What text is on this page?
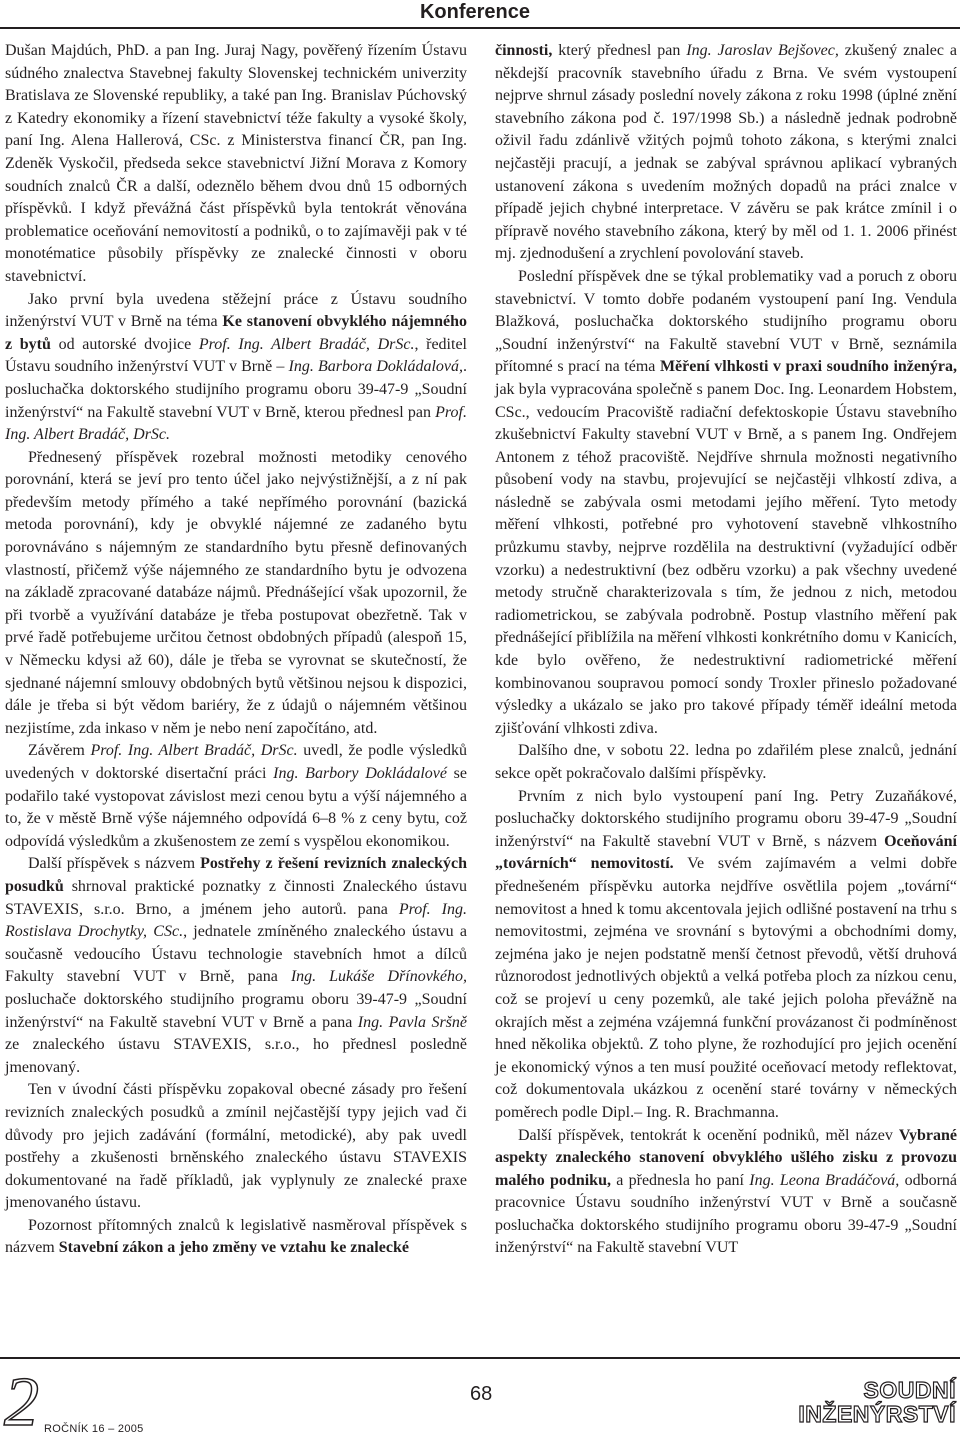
Konference

Dušan Majdúch, PhD. a pan Ing. Juraj Nagy, pověřený řízením Ústavu súdného znalectva Stavebnej fakulty Slovenskej technickém univerzity Bratislava ze Slovenské republiky, a také pan Ing. Branislav Púchovský z Katedry ekonomiky a řízení stavebnictví téže fakulty a vysoké školy, paní Ing. Alena Hallerová, CSc. z Ministerstva financí ČR, pan Ing. Zdeněk Vyskočil, předseda sekce stavebnictví Jižní Morava z Komory soudních znalců ČR a další, odeznělo během dvou dnů 15 odborných příspěvků. I když převážná část příspěvků byla tentokrát věnována problematice oceňování nemovitostí a podniků, o to zajímavěji pak v té monotématice působily příspěvky ze znalecké činnosti v oboru stavebnictví.

Jako první byla uvedena stěžejní práce z Ústavu soudního inženýrství VUT v Brně na téma Ke stanovení obvyklého nájemného z bytů od autorské dvojice Prof. Ing. Albert Bradáč, DrSc., ředitel Ústavu soudního inženýrství VUT v Brně – Ing. Barbora Dokládalová,. posluchačka doktorského studijního programu oboru 39-47-9 „Soudní inženýrství“ na Fakultě stavební VUT v Brně, kterou přednesl pan Prof. Ing. Albert Bradáč, DrSc.

Přednesený příspěvek rozebral možnosti metodiky cenového porovnání, která se jeví pro tento účel jako nejvýstižnější, a z ní pak především metody přímého a také nepřímého porovnání (bazická metoda porovnání), kdy je obvyklé nájemné ze zadaného bytu porovnáváno s nájemným ze standardního bytu přesně definovaných vlastností, přičemž výše nájemného ze standardního bytu je odvozena na základě zpracované databáze nájmů. Přednášející však upozornil, že při tvorbě a využívání databáze je třeba postupovat obezřetně. Tak v prvé řadě potřebujeme určitou četnost obdobných případů (alespoň 15, v Německu kdysi až 60), dále je třeba se vyrovnat se skutečností, že sjednané nájemní smlouvy obdobných bytů většinou nejsou k dispozici, dále je třeba si být vědom bariéry, že z údajů o nájemném většinou nezjistíme, zda inkaso v něm je nebo není započítáno, atd.

Závěrem Prof. Ing. Albert Bradáč, DrSc. uvedl, že podle výsledků uvedených v doktorské disertační práci Ing. Barbory Dokládalové se podařilo také vystopovat závislost mezi cenou bytu a výší nájemného a to, že v městě Brně výše nájemného odpovídá 6–8 % z ceny bytu, což odpovídá výsledkům a zkušenostem ze zemí s vyspělou ekonomikou.

Další příspěvek s názvem Postřehy z řešení revizních znaleckých posudků shrnoval praktické poznatky z činnosti Znaleckého ústavu STAVEXIS, s.r.o. Brno, a jménem jeho autorů. pana Prof. Ing. Rostislava Drochytky, CSc., jednatele zmíněného znaleckého ústavu a současně vedoucího Ústavu technologie stavebních hmot a dílců Fakulty stavební VUT v Brně, pana Ing. Lukáše Dřínovkého, posluchače doktorského studijního programu oboru 39-47-9 „Soudní inženýrství“ na Fakultě stavební VUT v Brně a pana Ing. Pavla Sršně ze znaleckého ústavu STAVEXIS, s.r.o., ho přednesl posledně jmenovaný.

Ten v úvodní části příspěvku zopakoval obecné zásady pro řešení revizních znaleckých posudků a zmínil nejčastější typy jejich vad či důvody pro jejich zadávání (formální, metodické), aby pak uvedl postřehy a zkušenosti brněnského znaleckého ústavu STAVEXIS dokumentované na řadě příkladů, jak vyplynuly ze znalecké praxe jmenovaného ústavu.

Pozornost přítomných znalců k legislativě nasměroval příspěvek s názvem Stavební zákon a jeho změny ve vztahu ke znalecké

činnosti, který přednesl pan Ing. Jaroslav Bejšovec, zkušený znalec a někdejší pracovník stavebního úřadu z Brna. Ve svém vystoupení nejprve shrnul zásady poslední novely zákona z roku 1998 (úplné znění stavebního zákona pod č. 197/1998 Sb.) a následně jednak podrobně oživil řadu zdánlivě vžitých pojmů tohoto zákona, s kterými znalci nejčastěji pracují, a jednak se zabýval správnou aplikací vybraných ustanovení zákona s uvedením možných dopadů na práci znalce v případě jejich chybné interpretace. V závěru se pak krátce zmínil i o přípravě nového stavebního zákona, který by měl od 1. 1. 2006 přinést mj. zjednodušení a zrychlení povolování staveb.

Poslední příspěvek dne se týkal problematiky vad a poruch z oboru stavebnictví. V tomto dobře podaném vystoupení paní Ing. Vendula Blažková, posluchačka doktorského studijního programu oboru „Soudní inženýrství“ na Fakultě stavební VUT v Brně, seznámila přítomné s prací na téma Měření vlhkosti v praxi soudního inženýra, jak byla vypracována společně s panem Doc. Ing. Leonardem Hobstem, CSc., vedoucím Pracoviště radiační defektoskopie Ústavu stavebního zkušebnictví Fakulty stavební VUT v Brně, a s panem Ing. Ondřejem Antonem z téhož pracoviště. Nejdříve shrnula možnosti negativního působení vody na stavbu, projevující se nejčastěji vlhkostí zdiva, a následně se zabývala osmi metodami jejího měření. Tyto metody měření vlhkosti, potřebné pro vyhotovení stavebně vlhkostního průzkumu stavby, nejprve rozdělila na destruktivní (vyžadující odběr vzorku) a nedestruktivní (bez odběru vzorku) a pak všechny uvedené metody stručně charakterizovala s tím, že jednou z nich, metodou radiometrickou, se zabývala podrobně. Postup vlastního měření pak přednášející přiblížila na měření vlhkosti konkrétního domu v Kanicích, kde bylo ověřeno, že nedestruktivní radiometrické měření kombinovanou soupravou pomocí sondy Troxler přineslo požadované výsledky a ukázalo se jako pro takové případy téměř ideální metoda zjišťování vlhkosti zdiva.

Dalšího dne, v sobotu 22. ledna po zdařilém plese znalců, jednání sekce opět pokračovalo dalšími příspěvky.

Prvním z nich bylo vystoupení paní Ing. Petry Zuzaňákové, posluchačky doktorského studijního programu oboru 39-47-9 „Soudní inženýrství“ na Fakultě stavební VUT v Brně, s názvem Oceňování „továrních“ nemovitostí. Ve svém zajímavém a velmi dobře přednešeném příspěvku autorka nejdříve osvětlila pojem „tovární“ nemovitost a hned k tomu akcentovala jejich odlišné postavení na trhu s nemovitostmi, zejména ve srovnání s bytovými a obchodními domy, zejména jako je nejen podstatně menší četnost převodů, větší druhová různorodost jednotlivých objektů a velká potřeba ploch za nízkou cenu, což se projeví u ceny pozemků, ale také jejich poloha převážně na okrajích měst a zejména vzájemná funkční provázanost či podmíněnost hned několika objektů. Z toho plyne, že rozhodující pro jejich ocenění je ekonomický výnos a ten musí použité oceňovací metody reflektovat, což dokumentovala ukázkou z ocenění staré továrny v německých poměrech podle Dipl.– Ing. R. Brachmanna.

Další příspěvek, tentokrát k ocenění podniků, měl název Vybrané aspekty znaleckého stanovení obvyklého ušlého zisku z provozu malého podniku, a přednesla ho paní Ing. Leona Bradáčová, odborná pracovnice Ústavu soudního inženýrství VUT v Brně a současně posluchačka doktorského studijního programu oboru 39-47-9 „Soudní inženýrství“ na Fakultě stavební VUT

2 ROČNÍK 16 – 2005
68	SOUDNÍ
INŽENÝRSTVÍ
